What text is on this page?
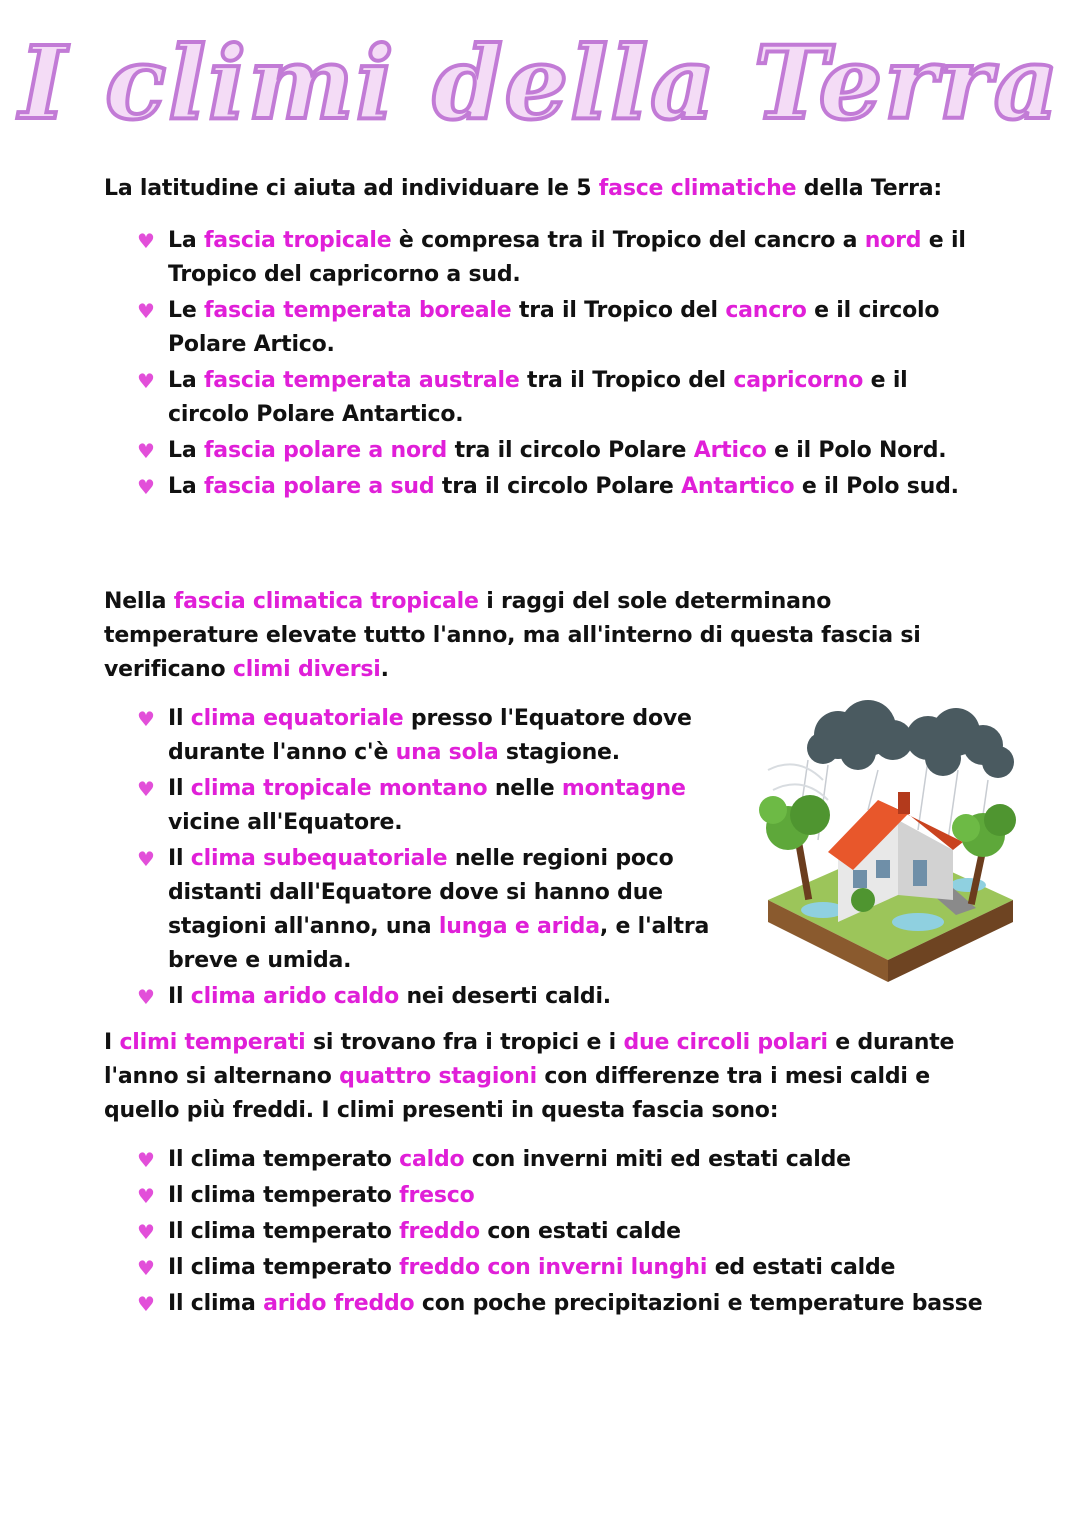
I climi della Terra

La latitudine ci aiuta ad individuare le 5 fasce climatiche della Terra:

♥ La fascia tropicale è compresa tra il Tropico del cancro a nord e il Tropico del capricorno a sud.
♥ Le fascia temperata boreale tra il Tropico del cancro e il circolo Polare Artico.
♥ La fascia temperata australe tra il Tropico del capricorno e il circolo Polare Antartico.
♥ La fascia polare a nord tra il circolo Polare Artico e il Polo Nord.
♥ La fascia polare a sud tra il circolo Polare Antartico e il Polo sud.

Nella fascia climatica tropicale i raggi del sole determinano temperature elevate tutto l'anno, ma all'interno di questa fascia si verificano climi diversi.

♥ Il clima equatoriale presso l'Equatore dove durante l'anno c'è una sola stagione.
♥ Il clima tropicale montano nelle montagne vicine all'Equatore.
♥ Il clima subequatoriale nelle regioni poco distanti dall'Equatore dove si hanno due stagioni all'anno, una lunga e arida, e l'altra breve e umida.
♥ Il clima arido caldo nei deserti caldi.

I climi temperati si trovano fra i tropici e i due circoli polari e durante l'anno si alternano quattro stagioni con differenze tra i mesi caldi e quello più freddi. I climi presenti in questa fascia sono:

♥ Il clima temperato caldo con inverni miti ed estati calde
♥ Il clima temperato fresco
♥ Il clima temperato freddo con estati calde
♥ Il clima temperato freddo con inverni lunghi ed estati calde
♥ Il clima arido freddo con poche precipitazioni e temperature basse
